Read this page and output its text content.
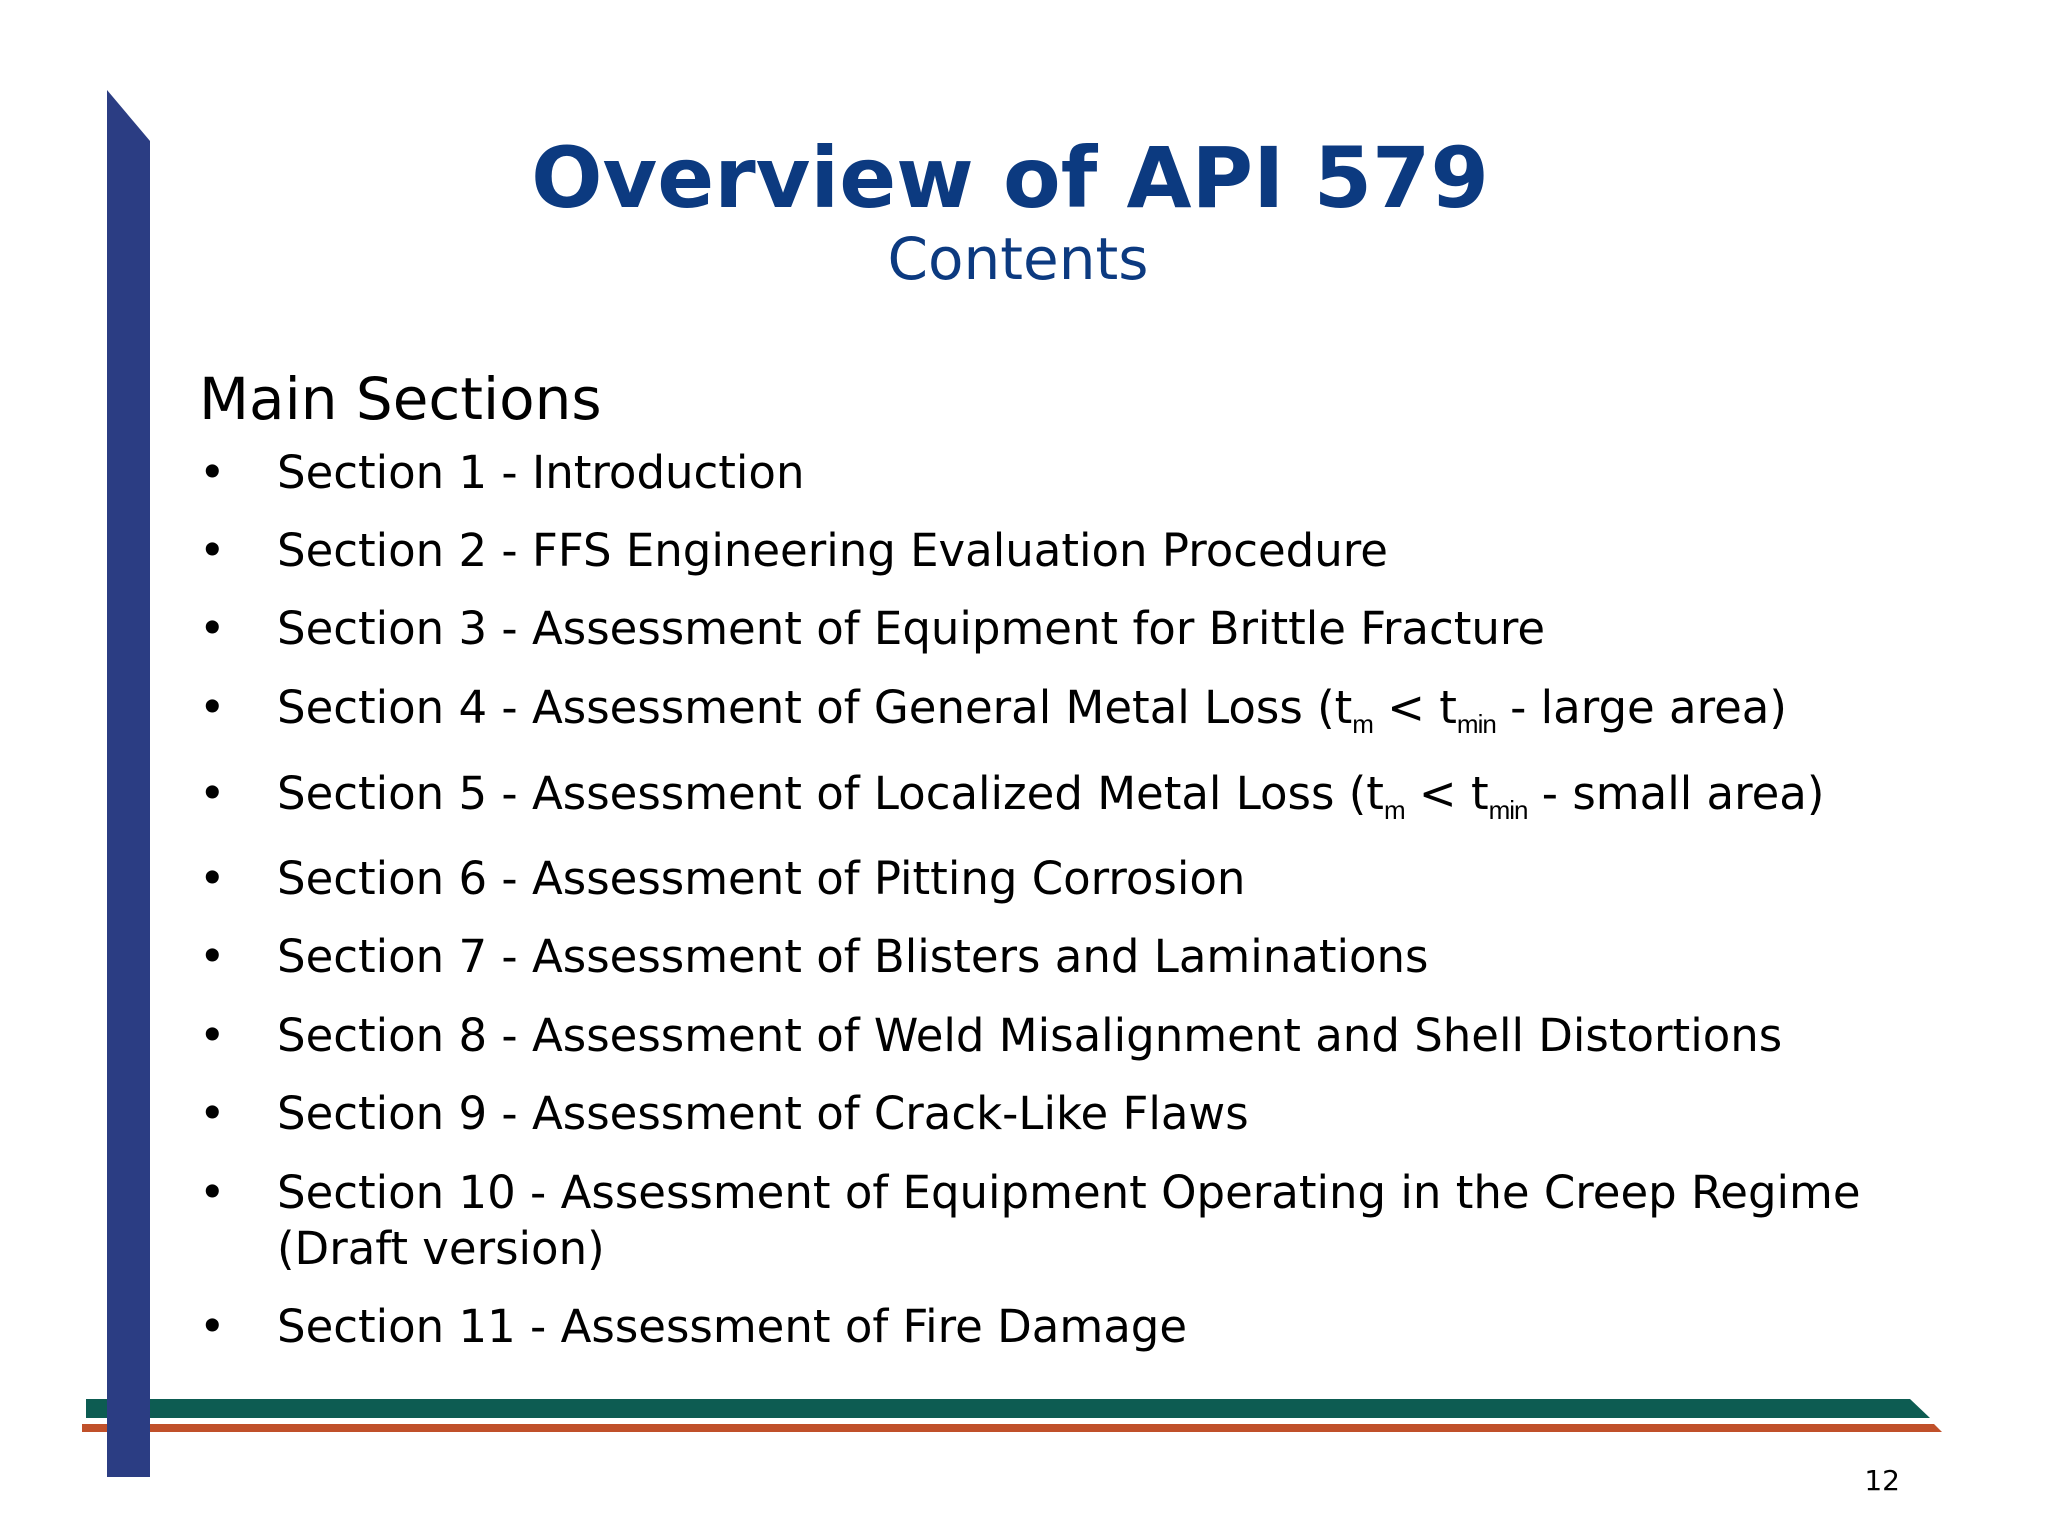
Overview of API 579
Contents
Main Sections
• Section 1 - Introduction
• Section 2 - FFS Engineering Evaluation Procedure
• Section 3 - Assessment of Equipment for Brittle Fracture
• Section 4 - Assessment of General Metal Loss ($t_m < t_{min}$ - large area)
• Section 5 - Assessment of Localized Metal Loss ($t_m < t_{min}$ - small area)
• Section 6 - Assessment of Pitting Corrosion
• Section 7 - Assessment of Blisters and Laminations
• Section 8 - Assessment of Weld Misalignment and Shell Distortions
• Section 9 - Assessment of Crack-Like Flaws
• Section 10 - Assessment of Equipment Operating in the Creep Regime
(Draft version)
• Section 11 - Assessment of Fire Damage
12
